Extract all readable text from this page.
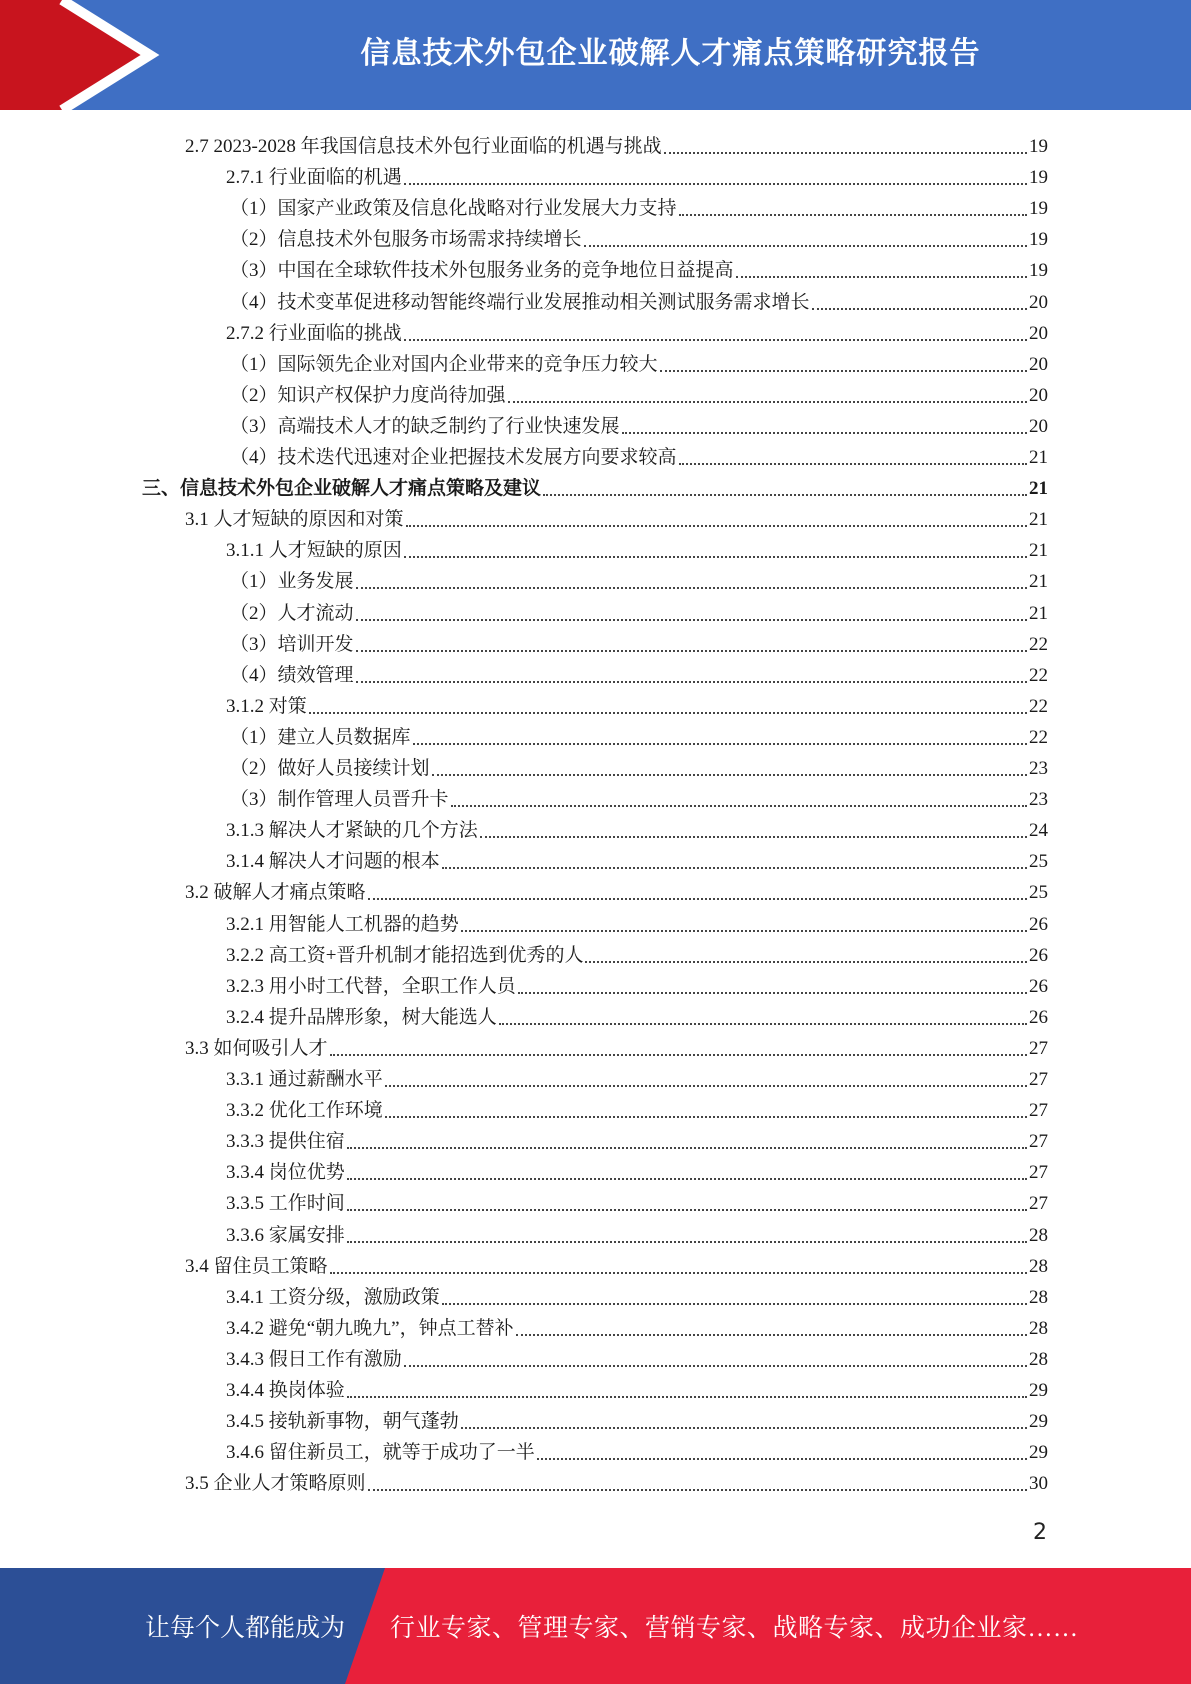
信息技术外包企业破解人才痛点策略研究报告
2.7 2023-2028 年我国信息技术外包行业面临的机遇与挑战	19
2.7.1 行业面临的机遇	19
（1）国家产业政策及信息化战略对行业发展大力支持	19
（2）信息技术外包服务市场需求持续增长	19
（3）中国在全球软件技术外包服务业务的竞争地位日益提高	19
（4）技术变革促进移动智能终端行业发展推动相关测试服务需求增长	20
2.7.2 行业面临的挑战	20
（1）国际领先企业对国内企业带来的竞争压力较大	20
（2）知识产权保护力度尚待加强	20
（3）高端技术人才的缺乏制约了行业快速发展	20
（4）技术迭代迅速对企业把握技术发展方向要求较高	21
三、信息技术外包企业破解人才痛点策略及建议	21
3.1 人才短缺的原因和对策	21
3.1.1 人才短缺的原因	21
（1）业务发展	21
（2）人才流动	21
（3）培训开发	22
（4）绩效管理	22
3.1.2 对策	22
（1）建立人员数据库	22
（2）做好人员接续计划	23
（3）制作管理人员晋升卡	23
3.1.3 解决人才紧缺的几个方法	24
3.1.4 解决人才问题的根本	25
3.2 破解人才痛点策略	25
3.2.1 用智能人工机器的趋势	26
3.2.2 高工资+晋升机制才能招选到优秀的人	26
3.2.3 用小时工代替，全职工作人员	26
3.2.4 提升品牌形象，树大能选人	26
3.3 如何吸引人才	27
3.3.1 通过薪酬水平	27
3.3.2 优化工作环境	27
3.3.3 提供住宿	27
3.3.4 岗位优势	27
3.3.5 工作时间	27
3.3.6 家属安排	28
3.4 留住员工策略	28
3.4.1 工资分级，激励政策	28
3.4.2 避免“朝九晚九”，钟点工替补	28
3.4.3 假日工作有激励	28
3.4.4 换岗体验	29
3.4.5 接轨新事物，朝气蓬勃	29
3.4.6 留住新员工，就等于成功了一半	29
3.5 企业人才策略原则	30
2
让每个人都能成为	行业专家、管理专家、营销专家、战略专家、成功企业家……
